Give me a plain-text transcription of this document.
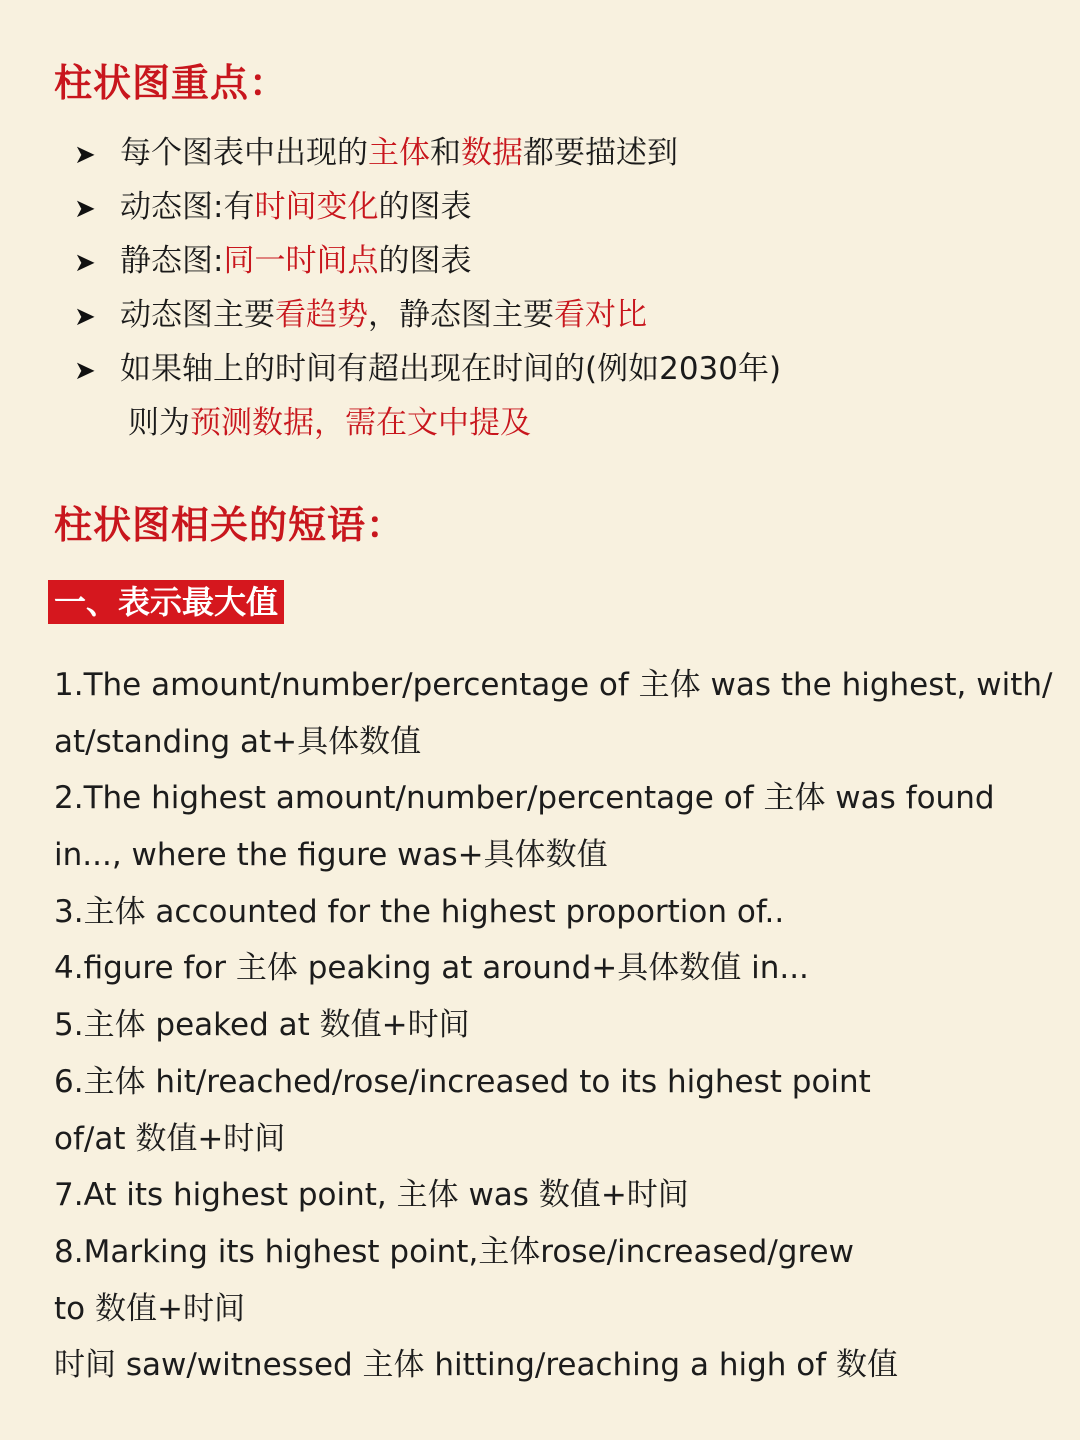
柱状图重点：
➤ 每个图表中出现的主体和数据都要描述到
➤ 动态图:有时间变化的图表
➤ 静态图:同一时间点的图表
➤ 动态图主要看趋势，静态图主要看对比
➤ 如果轴上的时间有超出现在时间的(例如2030年)
则为预测数据，需在文中提及
柱状图相关的短语：
一、表示最大值
1.The amount/number/percentage of 主体 was the highest, with/
at/standing at+具体数值
2.The highest amount/number/percentage of 主体 was found
in..., where the figure was+具体数值
3.主体 accounted for the highest proportion of..
4.figure for 主体 peaking at around+具体数值 in...
5.主体 peaked at 数值+时间
6.主体 hit/reached/rose/increased to its highest point
of/at 数值+时间
7.At its highest point, 主体 was 数值+时间
8.Marking its highest point,主体rose/increased/grew
to 数值+时间
时间 saw/witnessed 主体 hitting/reaching a high of 数值
